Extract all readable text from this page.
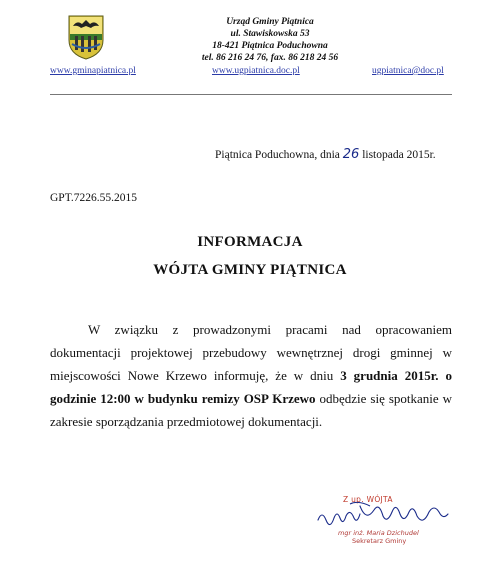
Urząd Gminy Piątnica
ul. Stawiskowska 53
18-421 Piątnica Poduchowna
tel. 86 216 24 76, fax. 86 218 24 56
www.gminapiatnica.pl	www.ugpiatnica.doc.pl	ugpiatnica@doc.pl
Piątnica Poduchowna, dnia 26 listopada 2015r.
GPT.7226.55.2015
INFORMACJA
WÓJTA GMINY PIĄTNICA

W związku z prowadzonymi pracami nad opracowaniem dokumentacji projektowej przebudowy wewnętrznej drogi gminnej w miejscowości Nowe Krzewo informuję, że w dniu 3 grudnia 2015r. o godzinie 12:00 w budynku remizy OSP Krzewo odbędzie się spotkanie w zakresie sporządzania przedmiotowej dokumentacji.

Z up. WÓJTA
mgr inż. Maria Dzichudel
Sekretarz Gminy
